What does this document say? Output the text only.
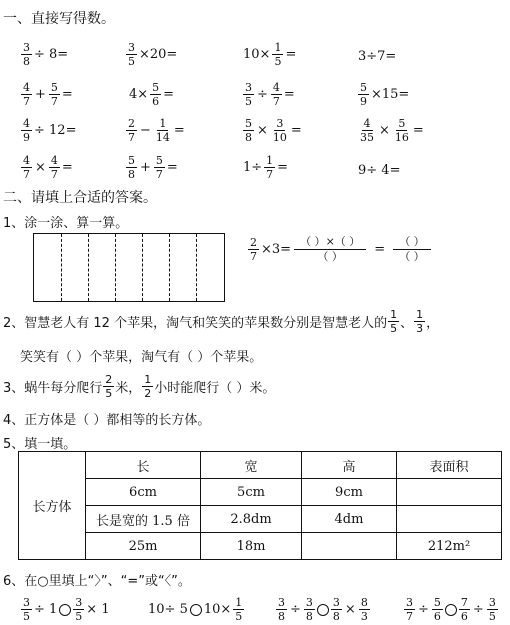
一、直接写得数。
$\frac{3}{8} \div 8=$	$\frac{3}{5} \times 20=$	$10\times \frac{1}{5}$ =	3÷7=
$\frac{4}{7} + \frac{5}{7}$ =	$4\times \frac{5}{6}$ =	$\frac{3}{5} \div \frac{4}{7}$ =	$\frac{5}{9} \times 15=$
$\frac{4}{9} \div 12=$	$\frac{2}{7} - \frac{1}{14}$ =	$\frac{5}{8} \times \frac{3}{10}$ =	$\frac{4}{35} \times \frac{5}{16}$ =
$\frac{4}{7} \times \frac{4}{7}$ =	$\frac{5}{8} + \frac{5}{7}$ =	$1\div \frac{1}{7}$ =	9÷ 4=
二、请填上合适的答案。
1、涂一涂、算一算。
$\frac{2}{7} \times 3=$
（ ）×（ ）
（ ）	=
（ ）
（ ）
2、智慧老人有 12 个苹果，淘气和笑笑的苹果数分别是智慧老人的 $\frac{1}{5}$ 、 $\frac{1}{3}$ ，
笑笑有（ ）个苹果，淘气有（ ）个苹果。
3、蜗牛每分爬行 $\frac{2}{5}$ 米， $\frac{1}{2}$ 小时能爬行（ ）米。
4、正方体是（ ）都相等的长方体。
5、填一填。
长方体	长	宽	高	表面积
	6cm	5cm	9cm	
	长是宽的 1.5 倍	2.8dm	4dm	
	25m	18m		212m²
6、在○里填上“〉”、“=”或“〈”。
$\frac{3}{5} \div 1 \frac{3}{5} \times 1$	10÷ 5 $10\times \frac{1}{5}$	$\frac{3}{8} \div \frac{3}{8} \frac{3}{8} \times \frac{8}{3}$	$\frac{3}{7} \div \frac{5}{6} \frac{7}{6} \div \frac{3}{5}$
